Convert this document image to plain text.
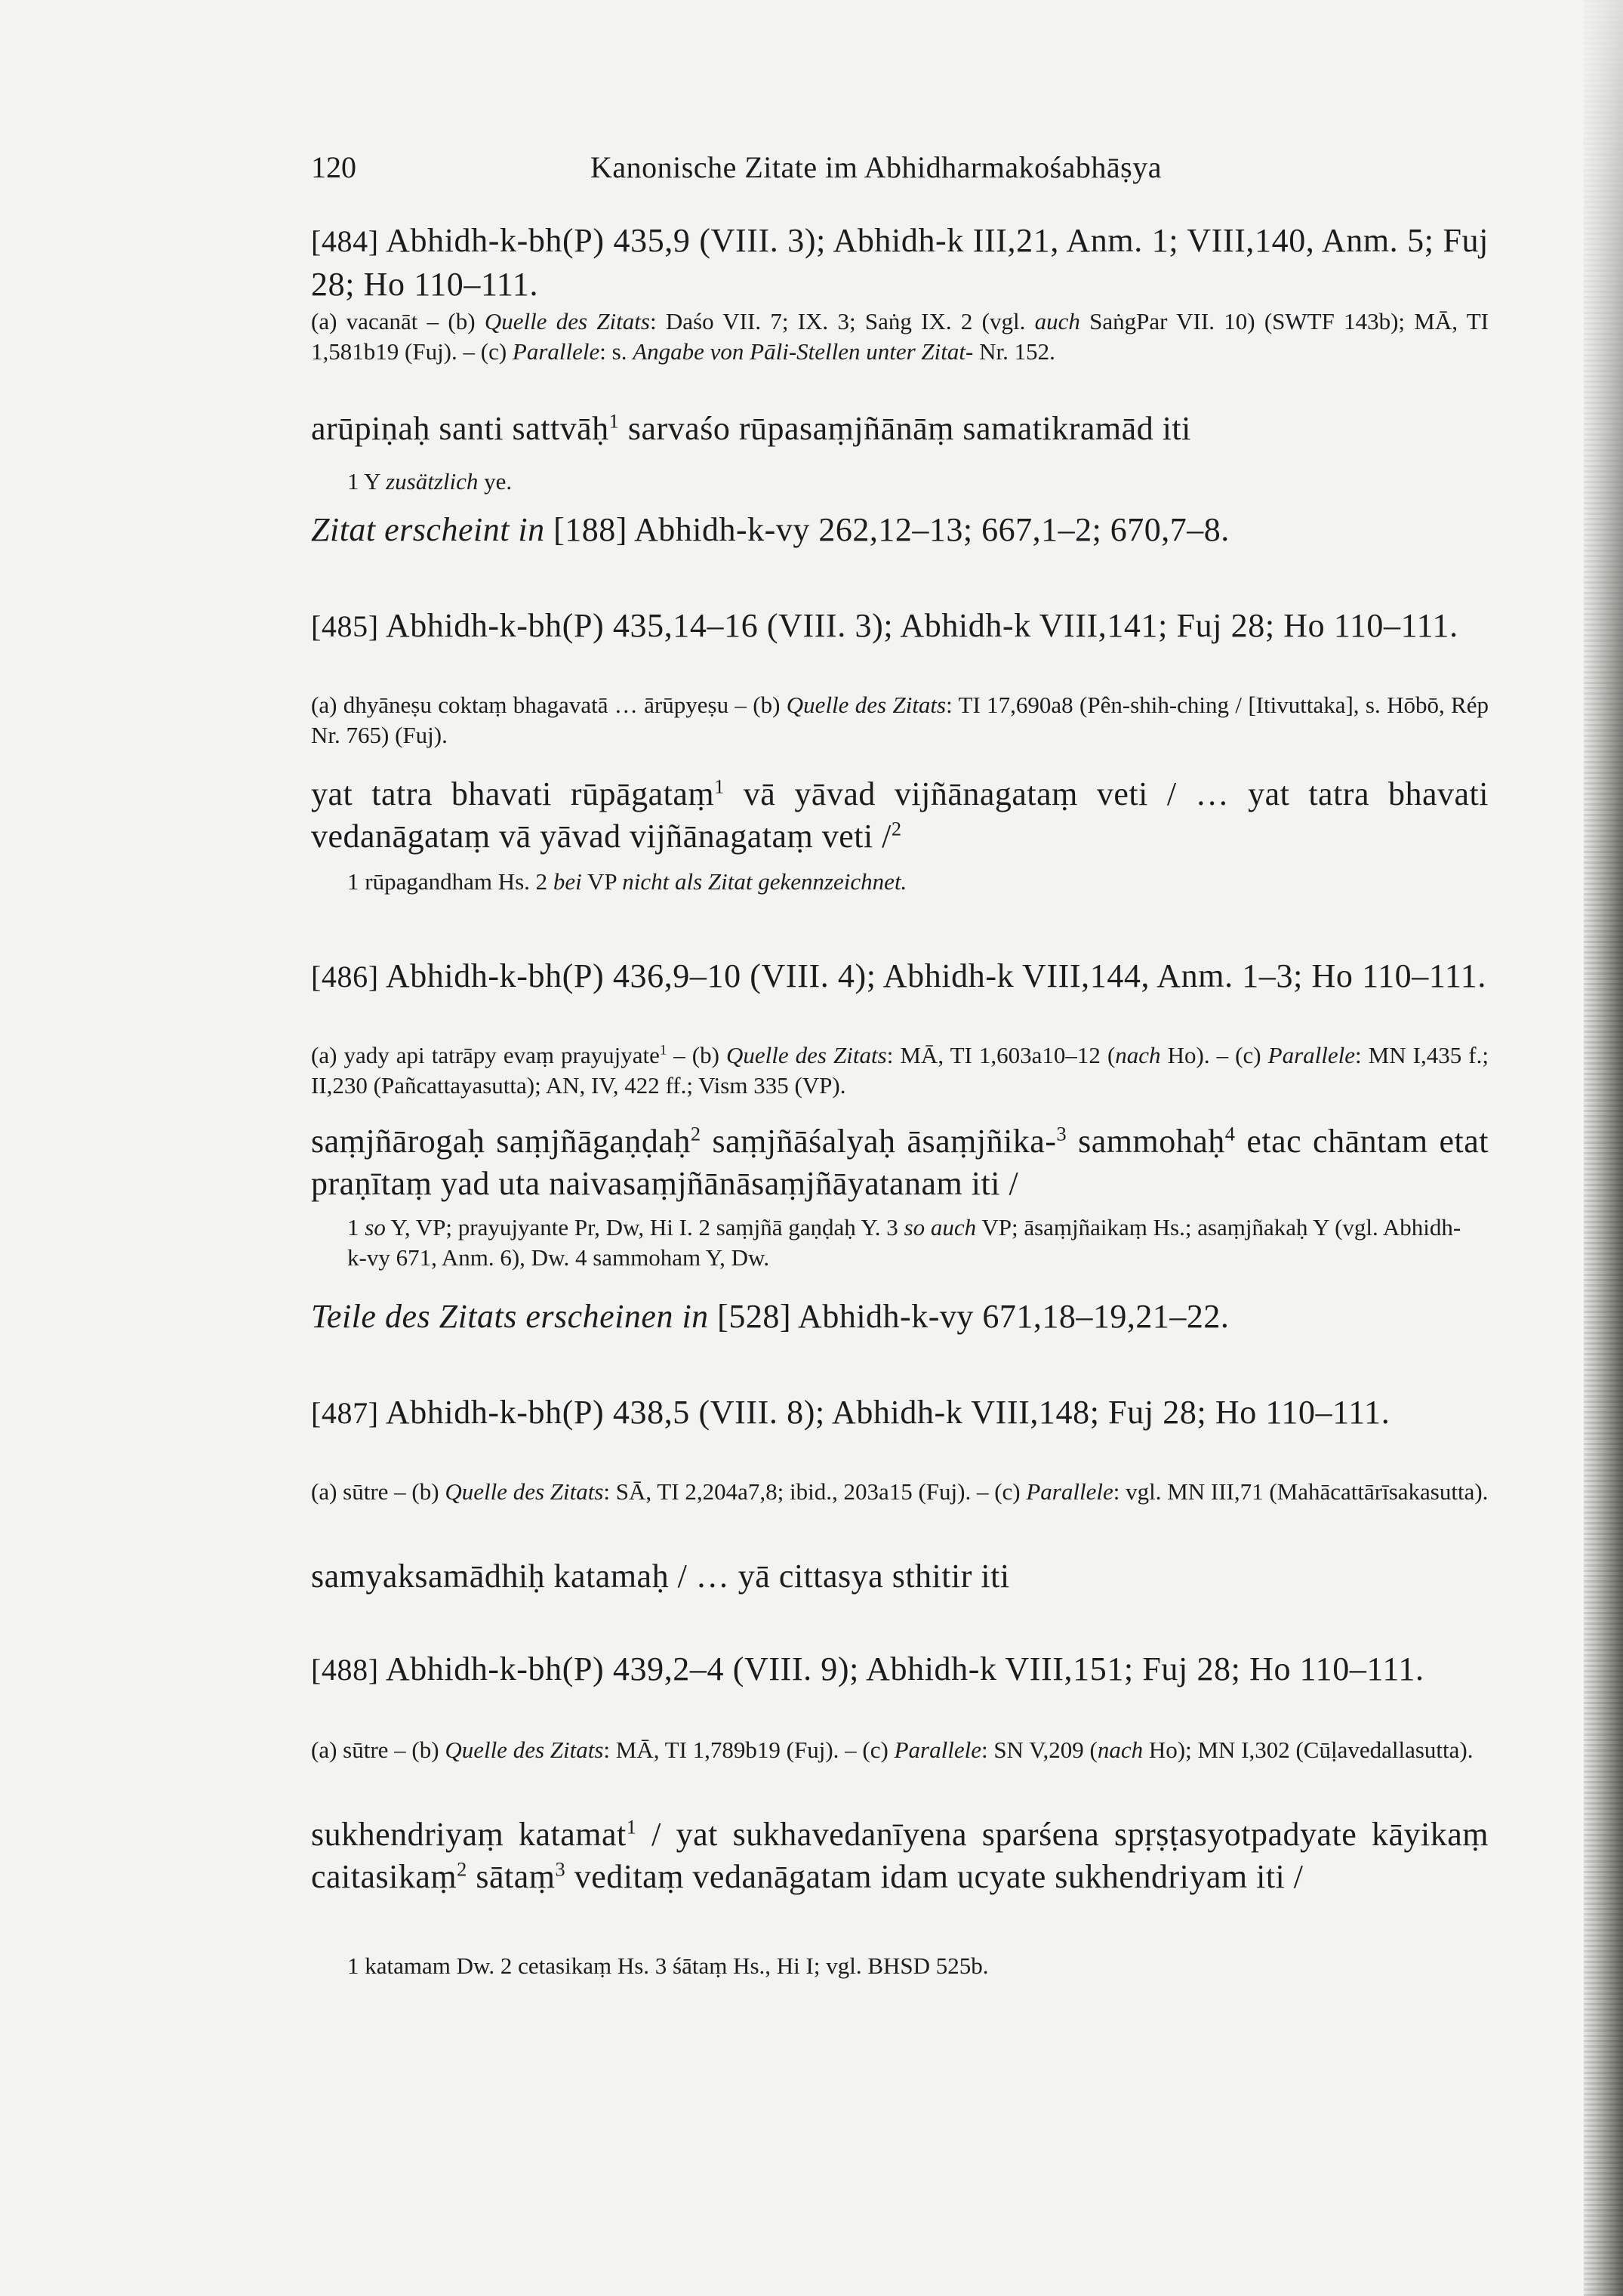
120	Kanonische Zitate im Abhidharmakośabhāṣya
[484] Abhidh-k-bh(P) 435,9 (VIII. 3); Abhidh-k III,21, Anm. 1; VIII,140, Anm. 5; Fuj 28; Ho 110–111.
(a) vacanāt – (b) Quelle des Zitats: Daśo VII. 7; IX. 3; Saṅg IX. 2 (vgl. auch SaṅgPar VII. 10) (SWTF 143b); MĀ, TI 1,581b19 (Fuj). – (c) Parallele: s. Angabe von Pāli-Stellen unter Zitat- Nr. 152.
arūpiṇaḥ santi sattvāḥ$^1$ sarvaśo rūpasaṃjñānāṃ samatikramād iti
1 Y zusätzlich ye.
Zitat erscheint in [188] Abhidh-k-vy 262,12–13; 667,1–2; 670,7–8.
[485] Abhidh-k-bh(P) 435,14–16 (VIII. 3); Abhidh-k VIII,141; Fuj 28; Ho 110–111.
(a) dhyāneṣu coktaṃ bhagavatā … ārūpyeṣu – (b) Quelle des Zitats: TI 17,690a8 (Pên-shih-ching / [Itivuttaka], s. Hōbō, Rép Nr. 765) (Fuj).
yat tatra bhavati rūpāgataṃ$^1$ vā yāvad vijñānagataṃ veti / … yat tatra bhavati vedanāgataṃ vā yāvad vijñānagataṃ veti /$^2$
1 rūpagandham Hs. 2 bei VP nicht als Zitat gekennzeichnet.
[486] Abhidh-k-bh(P) 436,9–10 (VIII. 4); Abhidh-k VIII,144, Anm. 1–3; Ho 110–111.
(a) yady api tatrāpy evaṃ prayujyate$^1$ – (b) Quelle des Zitats: MĀ, TI 1,603a10–12 (nach Ho). – (c) Parallele: MN I,435 f.; II,230 (Pañcattayasutta); AN, IV, 422 ff.; Vism 335 (VP).
saṃjñārogaḥ saṃjñāgaṇḍaḥ$^2$ saṃjñāśalyaḥ āsaṃjñika-$^3$ sammohaḥ$^4$ etac chāntam etat praṇītaṃ yad uta naivasaṃjñānāsaṃjñāyatanam iti /
1 so Y, VP; prayujyante Pr, Dw, Hi I. 2 saṃjñā gaṇḍaḥ Y. 3 so auch VP; āsaṃjñaikaṃ Hs.; asaṃjñakaḥ Y (vgl. Abhidh-k-vy 671, Anm. 6), Dw. 4 sammoham Y, Dw.
Teile des Zitats erscheinen in [528] Abhidh-k-vy 671,18–19,21–22.
[487] Abhidh-k-bh(P) 438,5 (VIII. 8); Abhidh-k VIII,148; Fuj 28; Ho 110–111.
(a) sūtre – (b) Quelle des Zitats: SĀ, TI 2,204a7,8; ibid., 203a15 (Fuj). – (c) Parallele: vgl. MN III,71 (Mahācattārīsakasutta).
samyaksamādhiḥ katamaḥ / … yā cittasya sthitir iti
[488] Abhidh-k-bh(P) 439,2–4 (VIII. 9); Abhidh-k VIII,151; Fuj 28; Ho 110–111.
(a) sūtre – (b) Quelle des Zitats: MĀ, TI 1,789b19 (Fuj). – (c) Parallele: SN V,209 (nach Ho); MN I,302 (Cūḷavedallasutta).
sukhendriyaṃ katamat$^1$ / yat sukhavedanīyena sparśena spṛṣṭasyotpadyate kāyikaṃ caitasikaṃ$^2$ sātaṃ$^3$ veditaṃ vedanāgatam idam ucyate sukhendriyam iti /
1 katamam Dw. 2 cetasikaṃ Hs. 3 śātaṃ Hs., Hi I; vgl. BHSD 525b.
